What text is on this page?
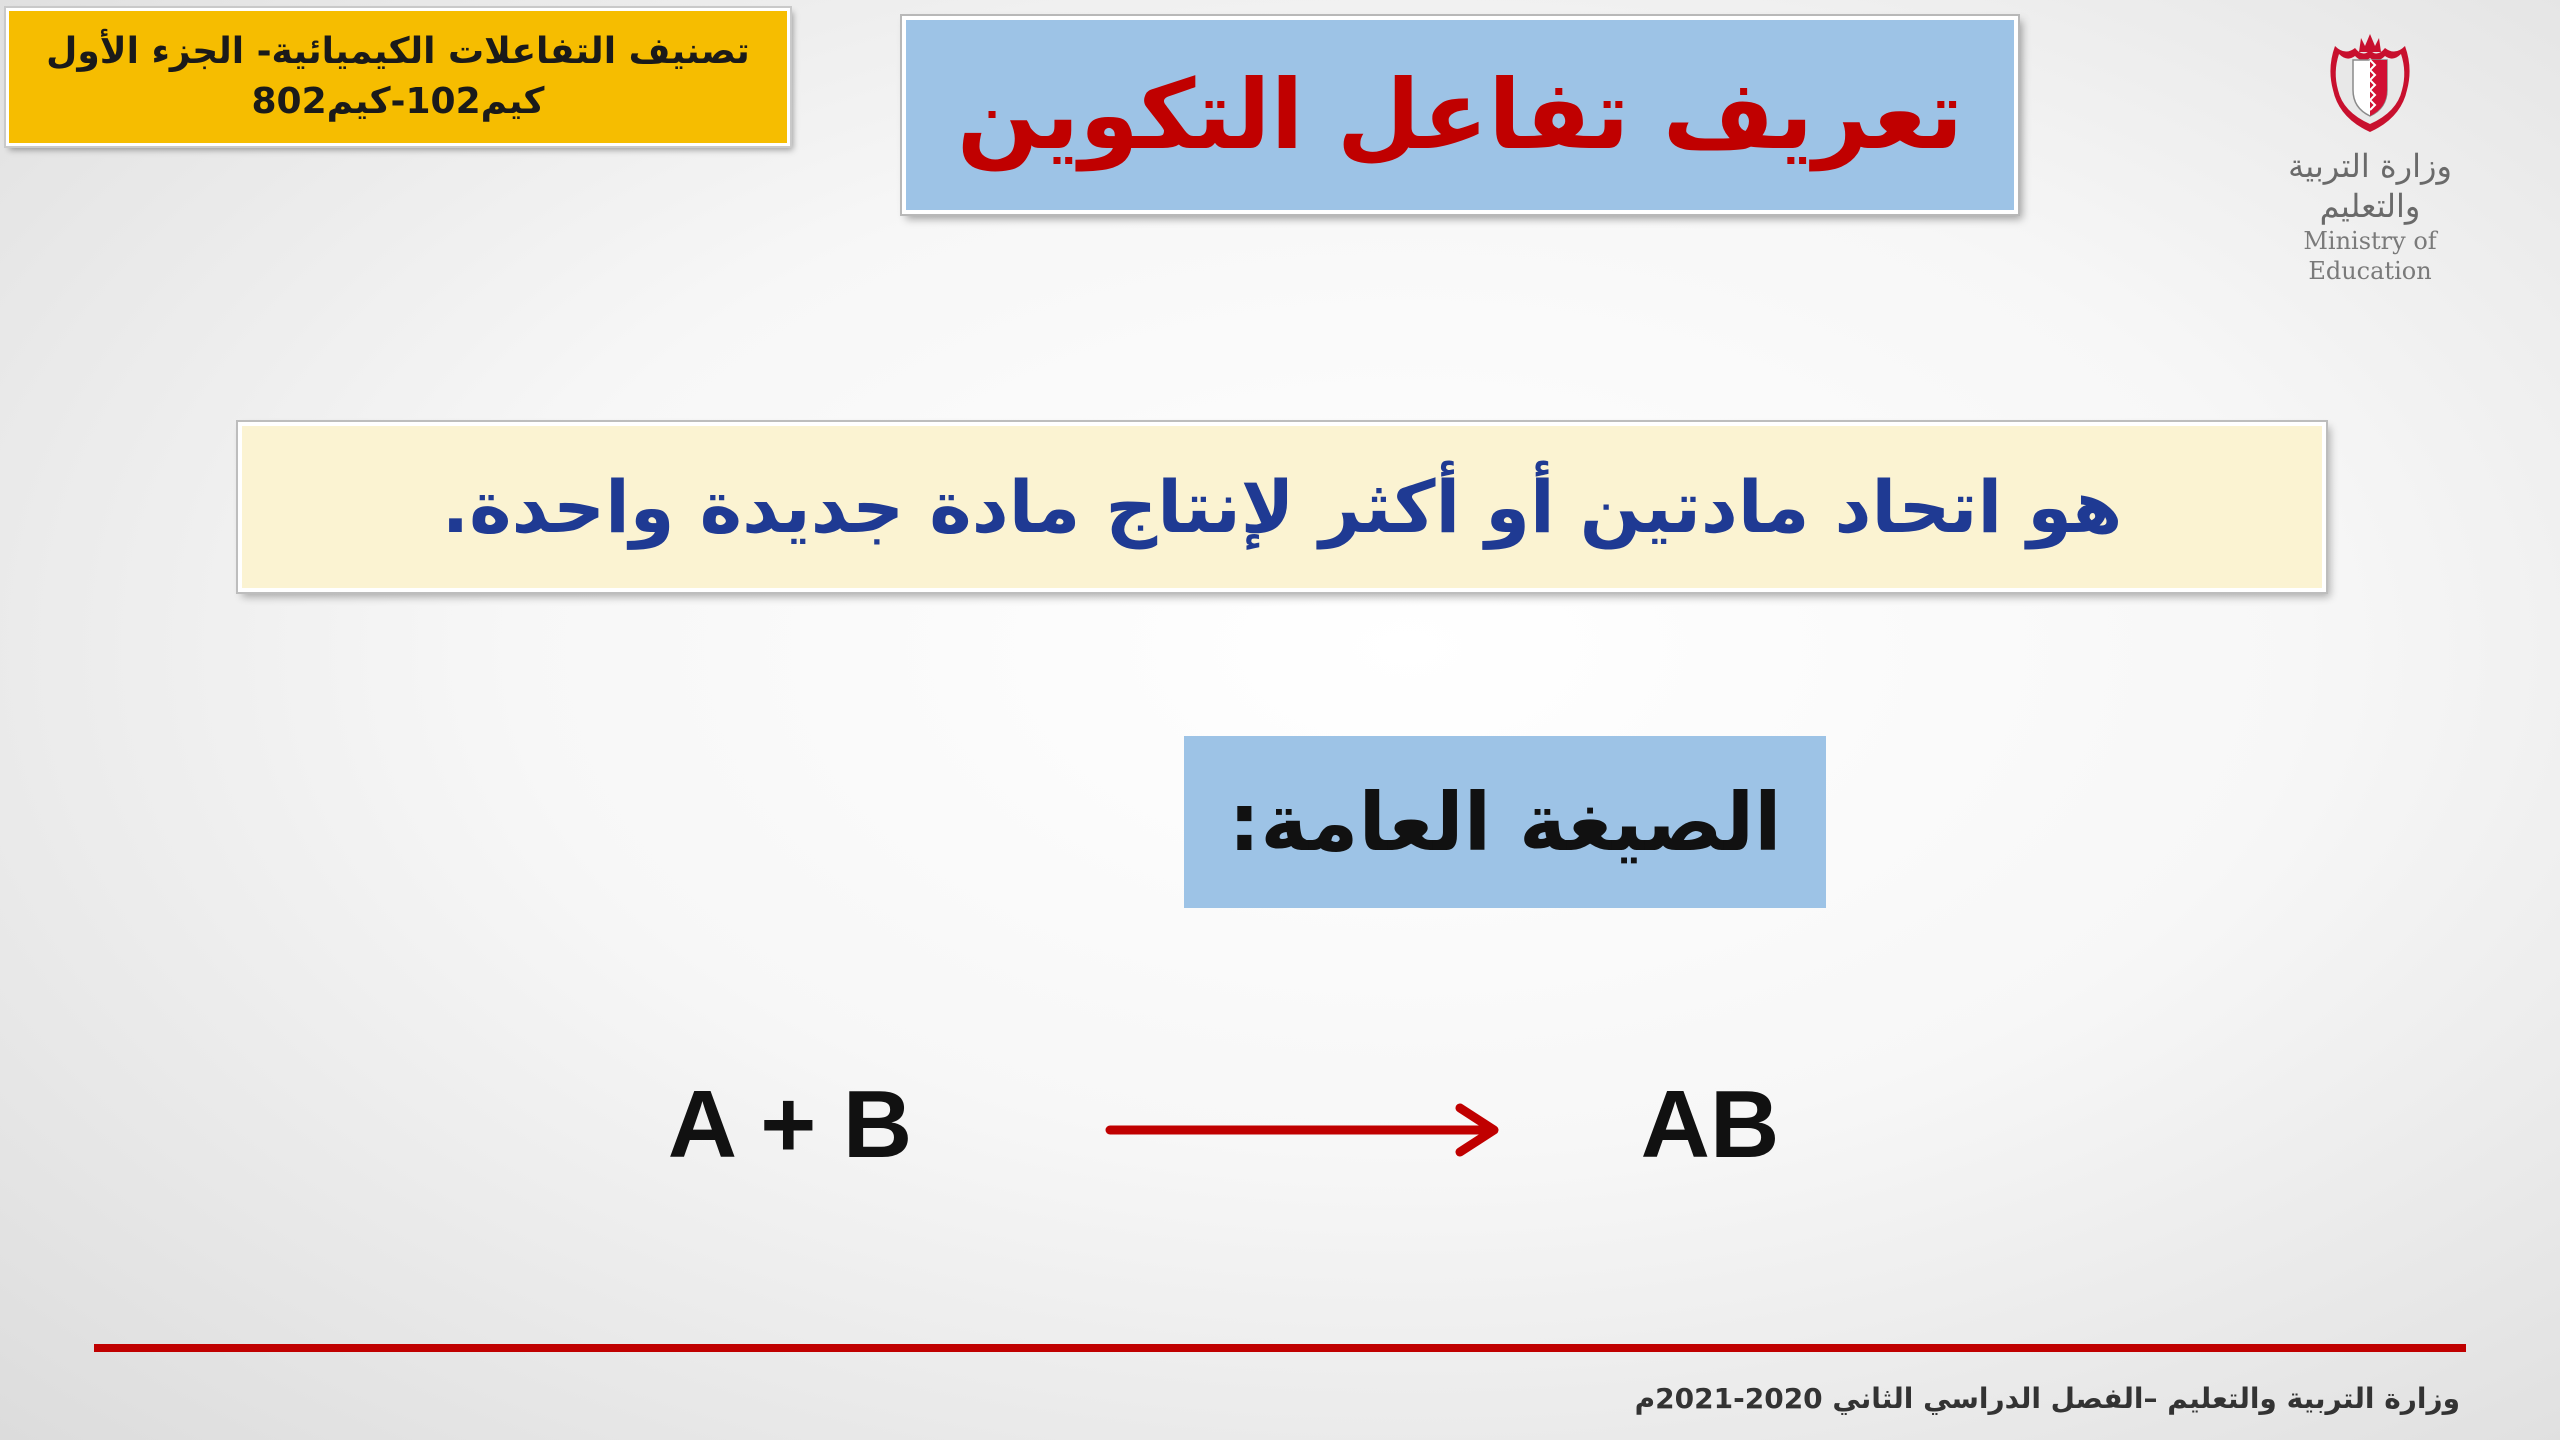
تصنيف التفاعلات الكيميائية- الجزء الأول
كيم102-كيم802	تعريف تفاعل التكوين	وزارة التربية والتعليم
Ministry of Education
هو اتحاد مادتين أو أكثر لإنتاج مادة جديدة واحدة.
الصيغة العامة:
A + B	AB
وزارة التربية والتعليم –الفصل الدراسي الثاني 2020-2021م
